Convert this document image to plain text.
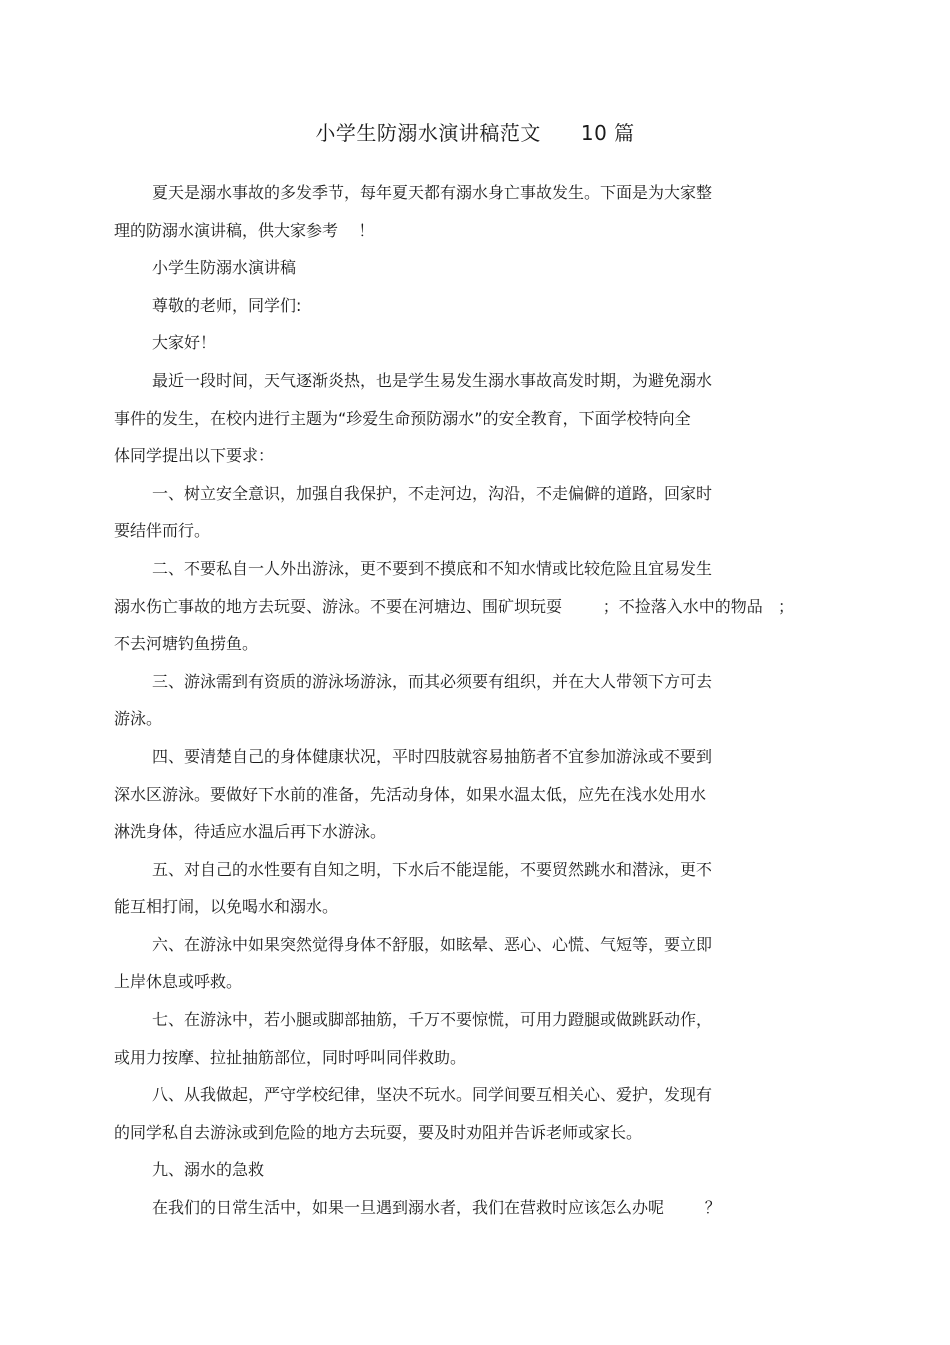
小学生防溺水演讲稿范文 10 篇

夏天是溺水事故的多发季节，每年夏天都有溺水身亡事故发生。下面是为大家整
理的防溺水演讲稿，供大家参考    ！

小学生防溺水演讲稿

尊敬的老师，同学们:

大家好！

最近一段时间，天气逐渐炎热，也是学生易发生溺水事故高发时期，为避免溺水
事件的发生，在校内进行主题为“珍爱生命预防溺水”的安全教育，下面学校特向全
体同学提出以下要求：

一、树立安全意识，加强自我保护，不走河边，沟沿，不走偏僻的道路，回家时
要结伴而行。

二、不要私自一人外出游泳，更不要到不摸底和不知水情或比较危险且宜易发生
溺水伤亡事故的地方去玩耍、游泳。不要在河塘边、围矿坝玩耍        ；不捡落入水中的物品   ；
不去河塘钓鱼捞鱼。

三、游泳需到有资质的游泳场游泳，而其必须要有组织，并在大人带领下方可去
游泳。

四、要清楚自己的身体健康状况，平时四肢就容易抽筋者不宜参加游泳或不要到
深水区游泳。要做好下水前的准备，先活动身体，如果水温太低，应先在浅水处用水
淋洗身体，待适应水温后再下水游泳。

五、对自己的水性要有自知之明，下水后不能逞能，不要贸然跳水和潜泳，更不
能互相打闹，以免喝水和溺水。

六、在游泳中如果突然觉得身体不舒服，如眩晕、恶心、心慌、气短等，要立即
上岸休息或呼救。

七、在游泳中，若小腿或脚部抽筋，千万不要惊慌，可用力蹬腿或做跳跃动作，
或用力按摩、拉扯抽筋部位，同时呼叫同伴救助。

八、从我做起，严守学校纪律，坚决不玩水。同学间要互相关心、爱护，发现有
的同学私自去游泳或到危险的地方去玩耍，要及时劝阻并告诉老师或家长。

九、溺水的急救

在我们的日常生活中，如果一旦遇到溺水者，我们在营救时应该怎么办呢        ？
